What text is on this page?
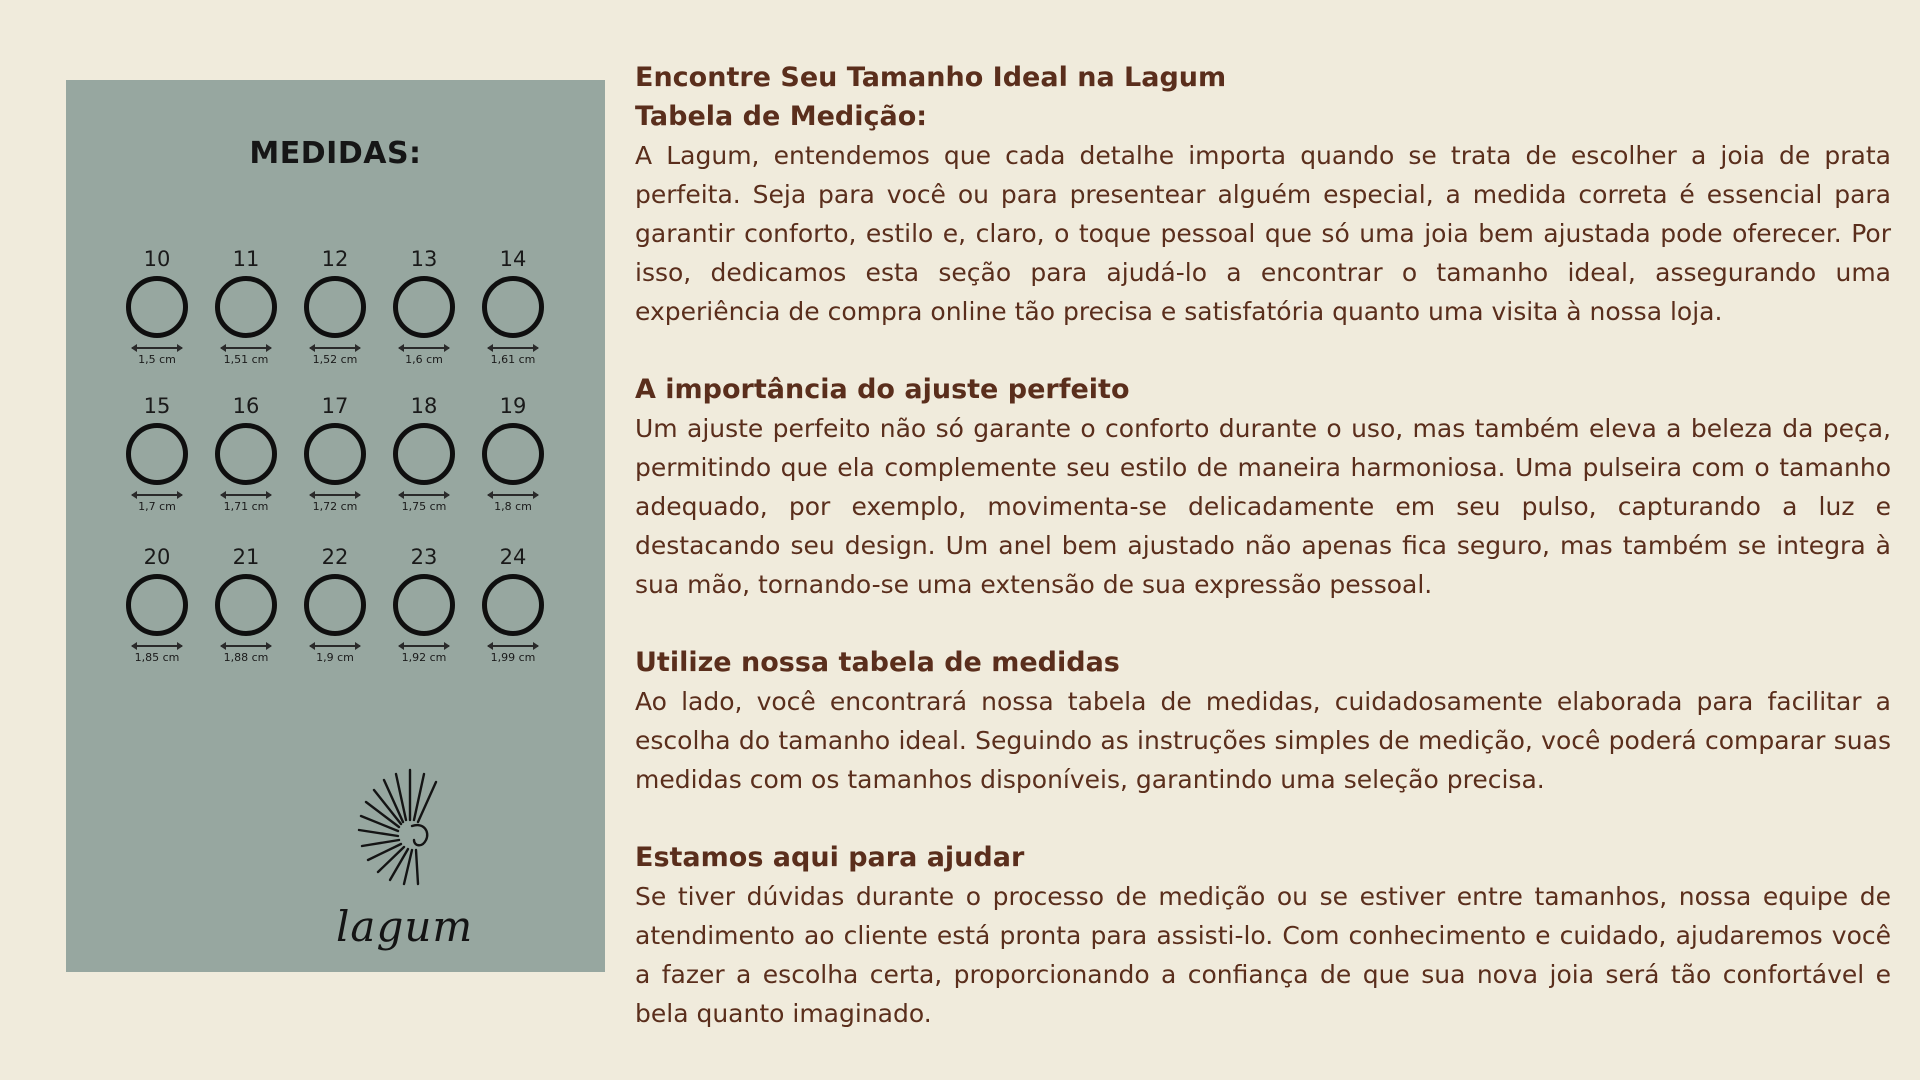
MEDIDAS:
10
1,5 cm
11
1,51 cm
12
1,52 cm
13
1,6 cm
14
1,61 cm
15
1,7 cm
16
1,71 cm
17
1,72 cm
18
1,75 cm
19
1,8 cm
20
1,85 cm
21
1,88 cm
22
1,9 cm
23
1,92 cm
24
1,99 cm
lagum
Encontre Seu Tamanho Ideal na Lagum
Tabela de Medição:

A Lagum, entendemos que cada detalhe importa quando se trata de escolher a joia de prata perfeita. Seja para você ou para presentear alguém especial, a medida correta é essencial para garantir conforto, estilo e, claro, o toque pessoal que só uma joia bem ajustada pode oferecer. Por isso, dedicamos esta seção para ajudá-lo a encontrar o tamanho ideal, assegurando uma experiência de compra online tão precisa e satisfatória quanto uma visita à nossa loja.

A importância do ajuste perfeito

Um ajuste perfeito não só garante o conforto durante o uso, mas também eleva a beleza da peça, permitindo que ela complemente seu estilo de maneira harmoniosa. Uma pulseira com o tamanho adequado, por exemplo, movimenta-se delicadamente em seu pulso, capturando a luz e destacando seu design. Um anel bem ajustado não apenas fica seguro, mas também se integra à sua mão, tornando-se uma extensão de sua expressão pessoal.

Utilize nossa tabela de medidas

Ao lado, você encontrará nossa tabela de medidas, cuidadosamente elaborada para facilitar a escolha do tamanho ideal. Seguindo as instruções simples de medição, você poderá comparar suas medidas com os tamanhos disponíveis, garantindo uma seleção precisa.

Estamos aqui para ajudar

Se tiver dúvidas durante o processo de medição ou se estiver entre tamanhos, nossa equipe de atendimento ao cliente está pronta para assisti-lo. Com conhecimento e cuidado, ajudaremos você a fazer a escolha certa, proporcionando a confiança de que sua nova joia será tão confortável e bela quanto imaginado.
